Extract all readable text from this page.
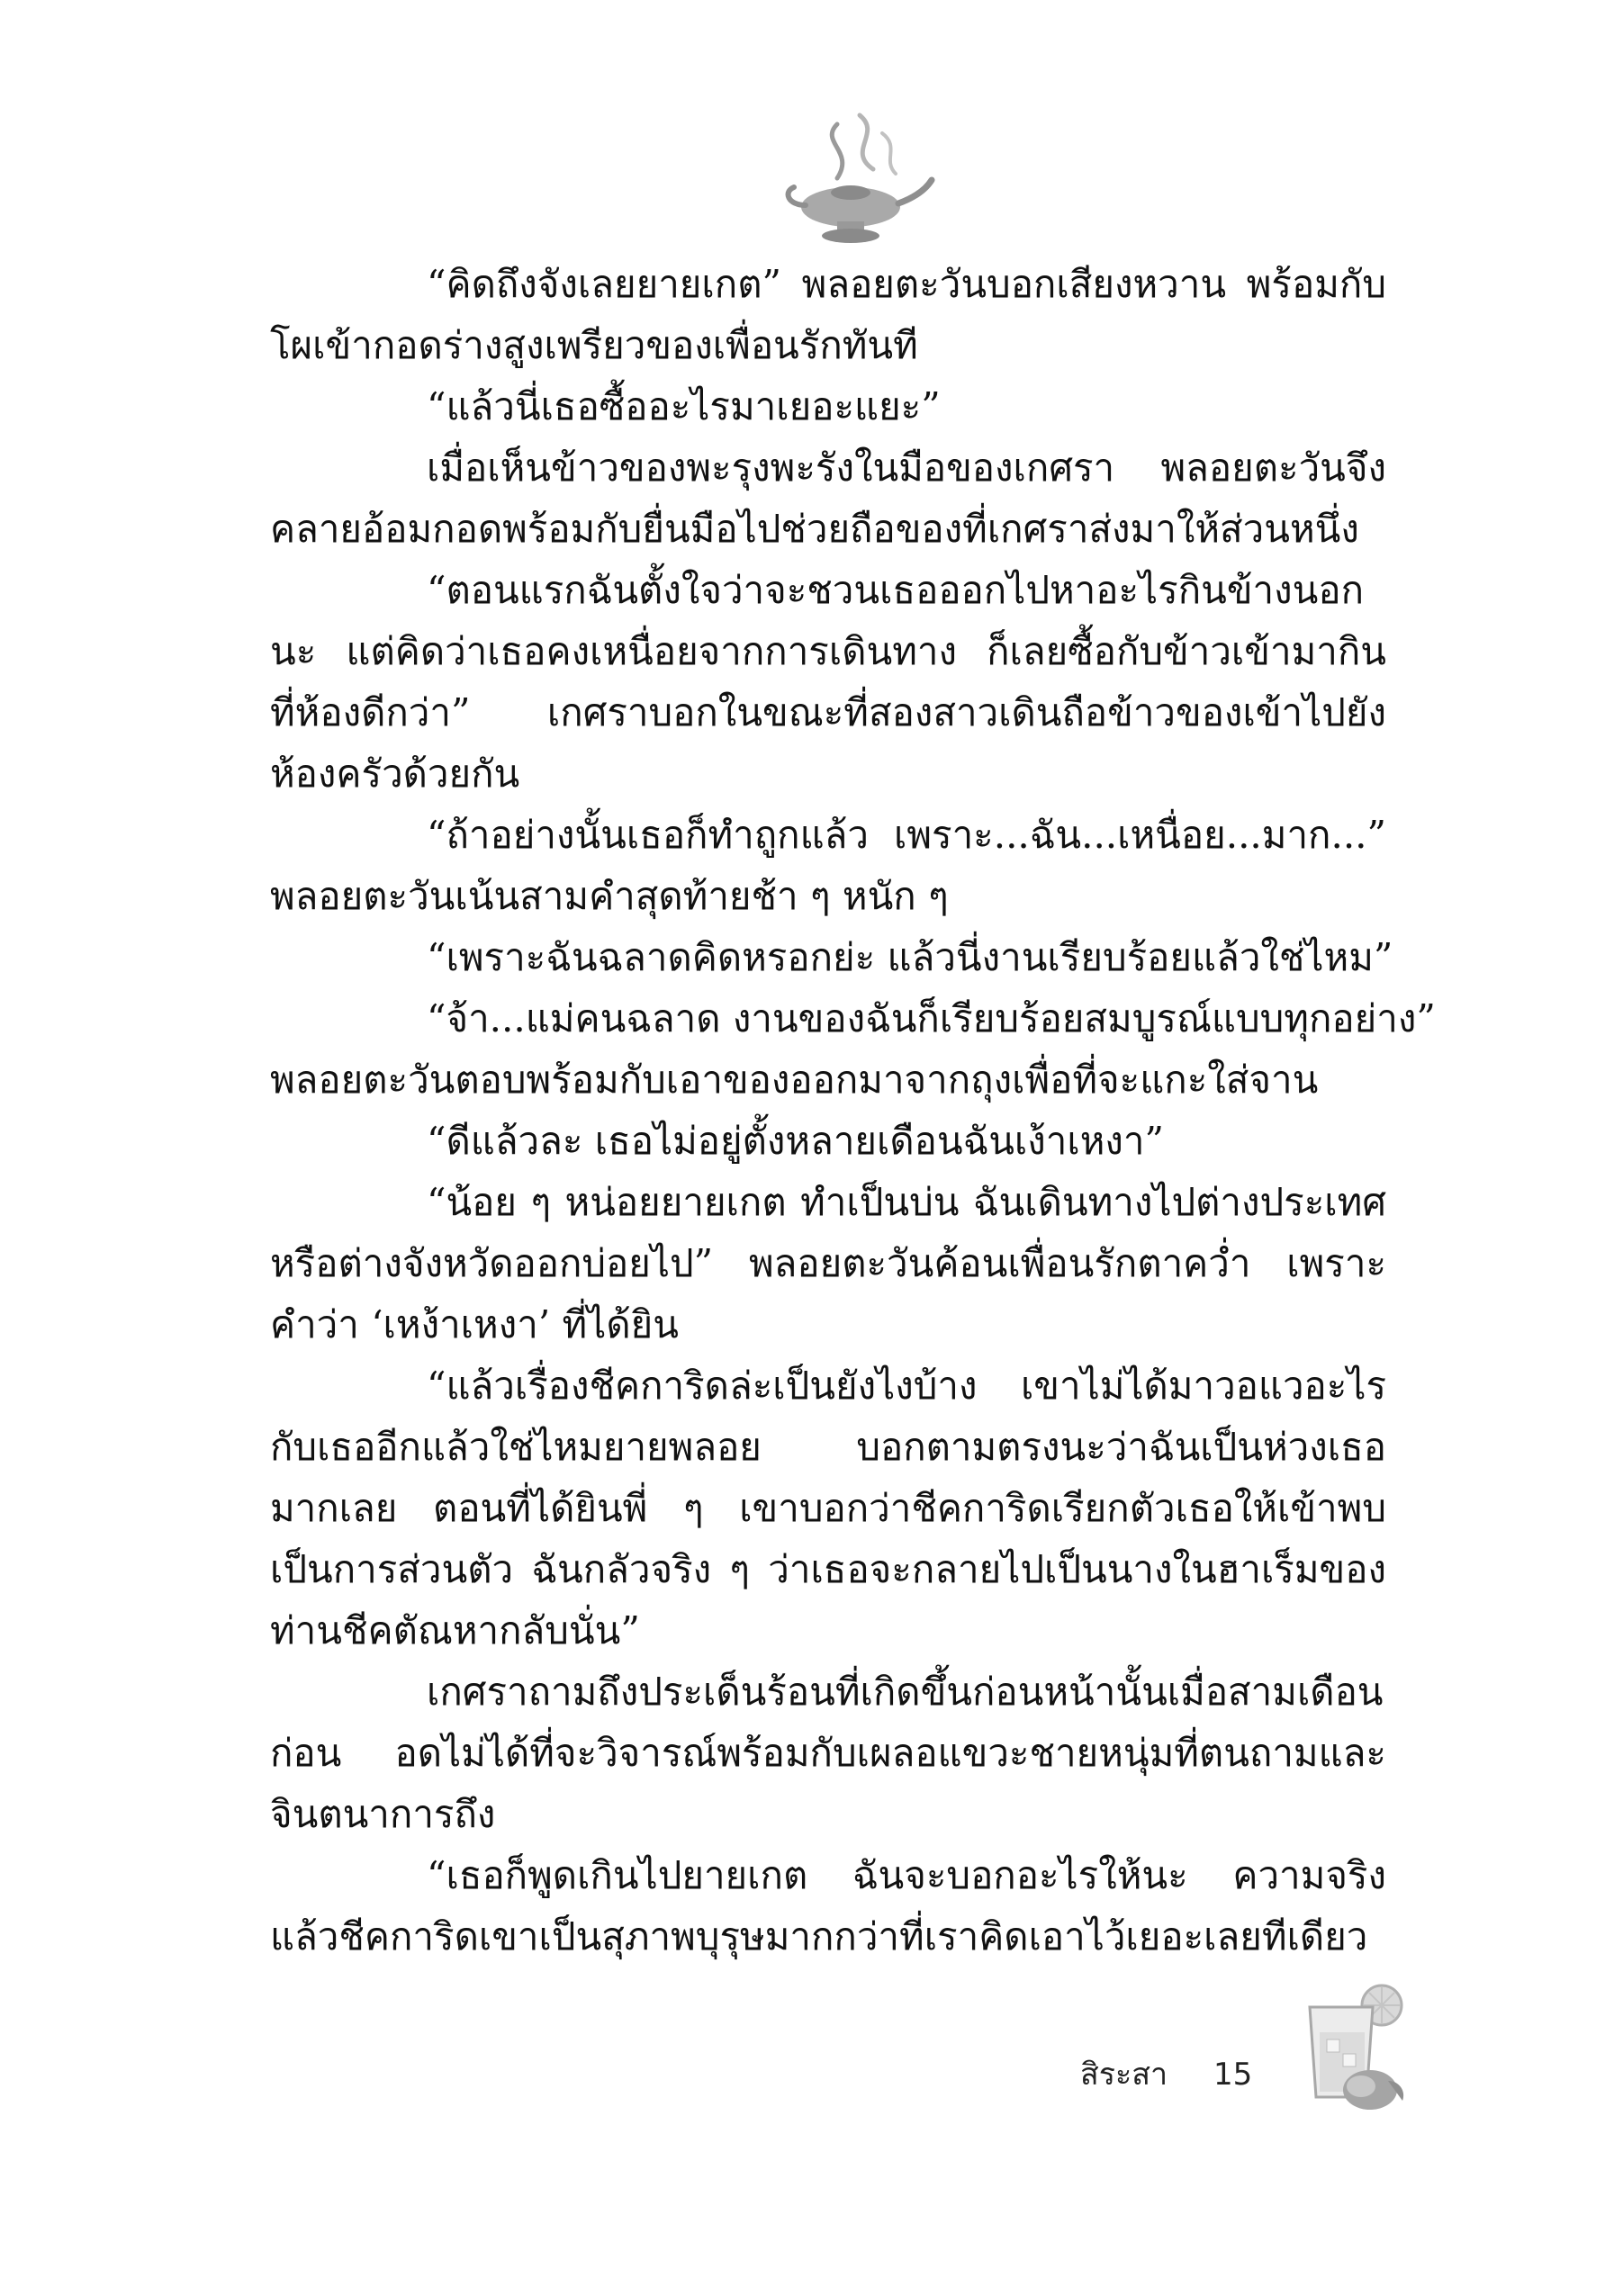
“คิดถึงจังเลยยายเกต” พลอยตะวันบอกเสียงหวาน พร้อมกับ
โผเข้ากอดร่างสูงเพรียวของเพื่อนรักทันที
“แล้วนี่เธอซื้ออะไรมาเยอะแยะ”
เมื่อเห็นข้าวของพะรุงพะรังในมือของเกศรา พลอยตะวันจึง
คลายอ้อมกอดพร้อมกับยื่นมือไปช่วยถือของที่เกศราส่งมาให้ส่วนหนึ่ง
“ตอนแรกฉันตั้งใจว่าจะชวนเธอออกไปหาอะไรกินข้างนอก
นะ แต่คิดว่าเธอคงเหนื่อยจากการเดินทาง ก็เลยซื้อกับข้าวเข้ามากิน
ที่ห้องดีกว่า” เกศราบอกในขณะที่สองสาวเดินถือข้าวของเข้าไปยัง
ห้องครัวด้วยกัน
“ถ้าอย่างนั้นเธอก็ทำถูกแล้ว เพราะ...ฉัน...เหนื่อย...มาก...”
พลอยตะวันเน้นสามคำสุดท้ายช้า ๆ หนัก ๆ
“เพราะฉันฉลาดคิดหรอกย่ะ แล้วนี่งานเรียบร้อยแล้วใช่ไหม”
“จ้า...แม่คนฉลาด งานของฉันก็เรียบร้อยสมบูรณ์แบบทุกอย่าง”
พลอยตะวันตอบพร้อมกับเอาของออกมาจากถุงเพื่อที่จะแกะใส่จาน
“ดีแล้วละ เธอไม่อยู่ตั้งหลายเดือนฉันเง้าเหงา”
“น้อย ๆ หน่อยยายเกต ทำเป็นบ่น ฉันเดินทางไปต่างประเทศ
หรือต่างจังหวัดออกบ่อยไป” พลอยตะวันค้อนเพื่อนรักตาคว่ำ เพราะ
คำว่า ‘เหง้าเหงา’ ที่ได้ยิน
“แล้วเรื่องชีคการิดล่ะเป็นยังไงบ้าง เขาไม่ได้มาวอแวอะไร
กับเธออีกแล้วใช่ไหมยายพลอย บอกตามตรงนะว่าฉันเป็นห่วงเธอ
มากเลย ตอนที่ได้ยินพี่ ๆ เขาบอกว่าชีคการิดเรียกตัวเธอให้เข้าพบ
เป็นการส่วนตัว ฉันกลัวจริง ๆ ว่าเธอจะกลายไปเป็นนางในฮาเร็มของ
ท่านชีคตัณหากลับนั่น”
เกศราถามถึงประเด็นร้อนที่เกิดขึ้นก่อนหน้านั้นเมื่อสามเดือน
ก่อน อดไม่ได้ที่จะวิจารณ์พร้อมกับเผลอแขวะชายหนุ่มที่ตนถามและ
จินตนาการถึง
“เธอก็พูดเกินไปยายเกต ฉันจะบอกอะไรให้นะ ความจริง
แล้วชีคการิดเขาเป็นสุภาพบุรุษมากกว่าที่เราคิดเอาไว้เยอะเลยทีเดียว
สิระสา 15
